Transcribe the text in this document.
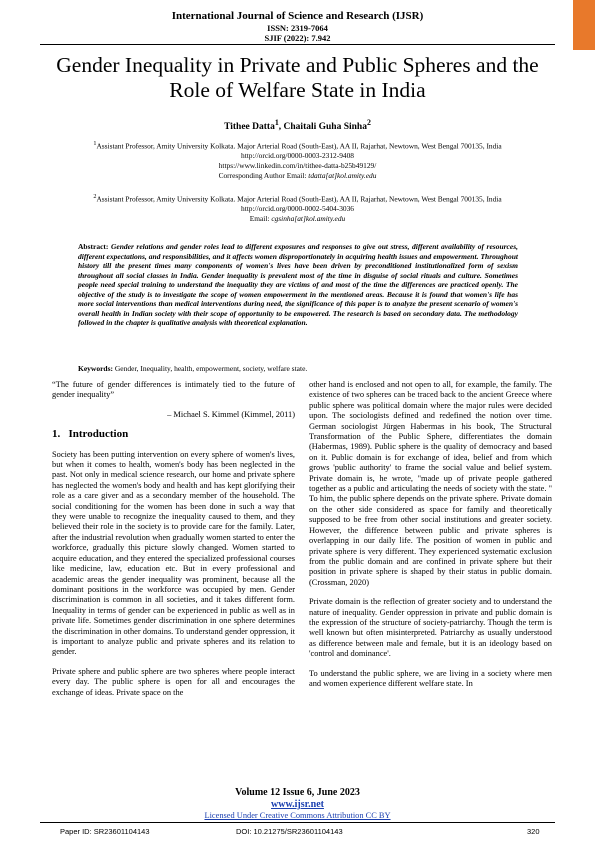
International Journal of Science and Research (IJSR)
ISSN: 2319-7064
SJIF (2022): 7.942
Gender Inequality in Private and Public Spheres and the Role of Welfare State in India
Tithee Datta$^1$, Chaitali Guha Sinha$^2$
$^1$Assistant Professor, Amity University Kolkata. Major Arterial Road (South-East), AA II, Rajarhat, Newtown, West Bengal 700135, India
http://orcid.org/0000-0003-2312-9408
https://www.linkedin.com/in/tithee-datta-b25b49129/
Corresponding Author Email: tdatta[at]kol.amity.edu
$^2$Assistant Professor, Amity University Kolkata. Major Arterial Road (South-East), AA II, Rajarhat, Newtown, West Bengal 700135, India
http://orcid.org/0000-0002-5404-3036
Email: cgsinha[at]kol.amity.edu
Abstract: Gender relations and gender roles lead to different exposures and responses to give out stress, different availability of resources, different expectations, and responsibilities, and it affects women disproportionately in acquiring health issues and empowerment. Throughout history till the present times many components of women's lives have been driven by preconditioned institutionalized form of sexism throughout all social classes in India. Gender inequality is prevalent most of the time in disguise of social rituals and culture. Sometimes people need special training to understand the inequality they are victims of and most of the time the differences are practiced openly. The objective of the study is to investigate the scope of women empowerment in the mentioned areas. Because it is found that women's life has more social interventions than medical interventions during need, the significance of this paper is to analyze the present scenario of women's overall health in Indian society with their scope of opportunity to be empowered. The research is based on secondary data. The methodology followed in the chapter is qualitative analysis with theoretical explanation.
Keywords: Gender, Inequality, health, empowerment, society, welfare state.

“The future of gender differences is intimately tied to the future of gender inequality”

– Michael S. Kimmel (Kimmel, 2011)

1. Introduction

Society has been putting intervention on every sphere of women's lives, but when it comes to health, women's body has been neglected in the past. Not only in medical science research, our home and private sphere has neglected the women's body and health and has kept glorifying their role as a care giver and as a secondary member of the household. The social conditioning for the women has been done in such a way that they were unable to recognize the inequality caused to them, and they believed their role in the society is to provide care for the family. Later, after the industrial revolution when gradually women started to enter the workforce, gradually this picture slowly changed. Women started to acquire education, and they entered the specialized professional courses like medicine, law, education etc. But in every professional and academic areas the gender inequality was prominent, because all the dominant positions in the workforce was occupied by men. Gender discrimination is common in all societies, and it takes different form. Inequality in terms of gender can be experienced in public as well as in private life. Sometimes gender discrimination in one sphere determines the discrimination in other domains. To understand gender oppression, it is important to analyze public and private spheres and its relation to gender.

Private sphere and public sphere are two spheres where people interact every day. The public sphere is open for all and encourages the exchange of ideas. Private space on the

other hand is enclosed and not open to all, for example, the family. The existence of two spheres can be traced back to the ancient Greece where public sphere was political domain where the major rules were decided upon. The sociologists defined and redefined the notion over time. German sociologist Jürgen Habermas in his book, The Structural Transformation of the Public Sphere, differentiates the domain (Habermas, 1989). Public sphere is the quality of democracy and based on it. Public domain is for exchange of idea, belief and from which grows 'public authority' to frame the social value and belief system. Private domain is, he wrote, "made up of private people gathered together as a public and articulating the needs of society with the state. " To him, the public sphere depends on the private sphere. Private domain on the other side considered as space for family and theoretically supposed to be free from other social institutions and greater society. However, the difference between public and private spheres is overlapping in our daily life. The position of women in public and private sphere is very different. They experienced systematic exclusion from the public domain and are confined in private sphere but their position in private sphere is shaped by their status in public domain. (Crossman, 2020)

Private domain is the reflection of greater society and to understand the nature of inequality. Gender oppression in private and public domain is the expression of the structure of society-patriarchy. Though the term is well known but often misinterpreted. Patriarchy as usually understood as difference between male and female, but it is an ideology based on 'control and dominance'.

To understand the public sphere, we are living in a society where men and women experience different welfare state. In

Volume 12 Issue 6, June 2023
www.ijsr.net
Licensed Under Creative Commons Attribution CC BY
Paper ID: SR23601104143	DOI: 10.21275/SR23601104143	320
